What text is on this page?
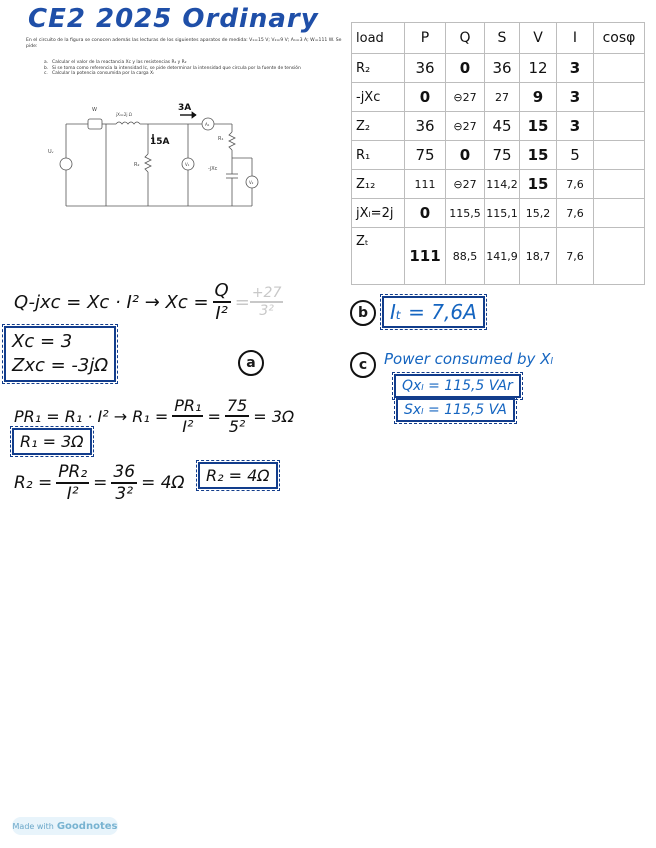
CE2 2025 Ordinary
En el circuito de la figura se conocen además las lecturas de los siguientes aparatos de medida: V₁=15 V; V₂=9 V; A₁=3 A; W=111 W. Se pide:
a. Calcular el valor de la reactancia Xᴄ y las resistencias R₁ y R₂
b. Si se toma como referencia la intensidad Iᴄ, se pide determinar la intensidad que circula por la fuente de tensión
c. Calcular la potencia consumida por la carga Xₗ
W
jXₗ=2j Ω
3A
15A
Uᵥ
R₂
R₁
A₁
V₁
V₂
-jXᴄ
load	P	Q	S	V	I	cosφ
R₂	36	0	36	12	3	
-jXᴄ	0	⊖27	27	9	3	
Z₂	36	⊖27	45	15	3	
R₁	75	0	75	15	5	
Z₁₂	111	⊖27	114,2	15	7,6	
jXₗ=2j	0	115,5	115,1	15,2	7,6	
Zₜ	111	88,5	141,9	18,7	7,6	
$Q-jxc = Xc \cdot I^2 \to Xc = \frac{Q}{\text{I²}} = \frac{+27}{\text{3²}}$
Xc = 3
Zxc = -3jΩ	a
$PR_1 = R_1 \cdot I^2 \to R_1 = \frac{\text{PR₁}}{\text{I²}} = \frac{75}{\text{5²}} = 3\Omega$
R₁ = 3Ω
$R_2 = \frac{\text{PR₂}}{\text{I²}} = \frac{36}{\text{3²}} = 4\Omega$	R₂ = 4Ω
b	Iₜ = 7,6A
c	Power consumed by Xₗ
Qxₗ = 115,5 VAr
Sxₗ = 115,5 VA
Made with Goodnotes
